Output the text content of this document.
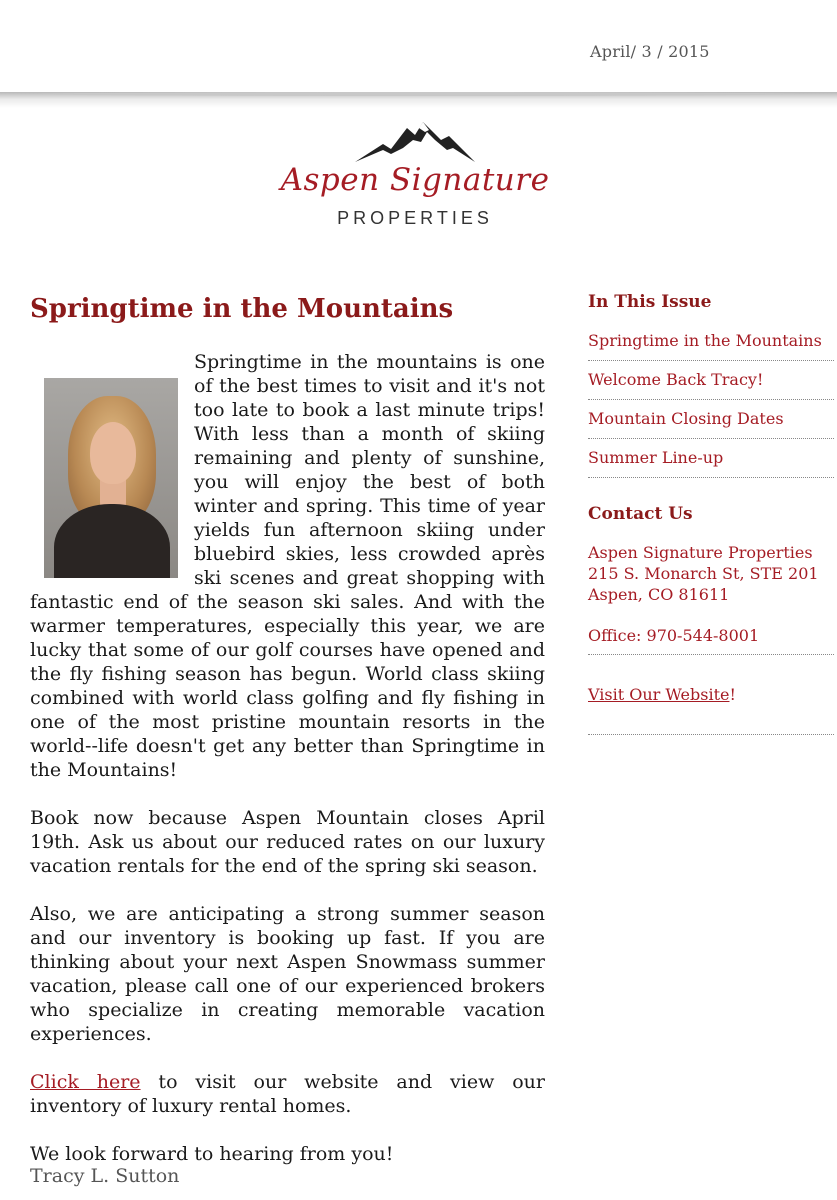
April/ 3 / 2015
Aspen Signature
PROPERTIES
Springtime in the Mountains

Springtime in the mountains is one of the best times to visit and it's not too late to book a last minute trips! With less than a month of skiing remaining and plenty of sunshine, you will enjoy the best of both winter and spring. This time of year yields fun afternoon skiing under bluebird skies, less crowded après ski scenes and great shopping with fantastic end of the season ski sales. And with the warmer temperatures, especially this year, we are lucky that some of our golf courses have opened and the fly fishing season has begun. World class skiing combined with world class golfing and fly fishing in one of the most pristine mountain resorts in the world--life doesn't get any better than Springtime in the Mountains!

Book now because Aspen Mountain closes April 19th. Ask us about our reduced rates on our luxury vacation rentals for the end of the spring ski season.

Also, we are anticipating a strong summer season and our inventory is booking up fast. If you are thinking about your next Aspen Snowmass summer vacation, please call one of our experienced brokers who specialize in creating memorable vacation experiences.

Click here to visit our website and view our inventory of luxury rental homes.

We look forward to hearing from you!

Tracy L. Sutton
In This Issue
Springtime in the Mountains
Welcome Back Tracy!
Mountain Closing Dates
Summer Line-up
Contact Us
Aspen Signature Properties
215 S. Monarch St, STE 201
Aspen, CO 81611
Office: 970-544-8001
Visit Our Website!
